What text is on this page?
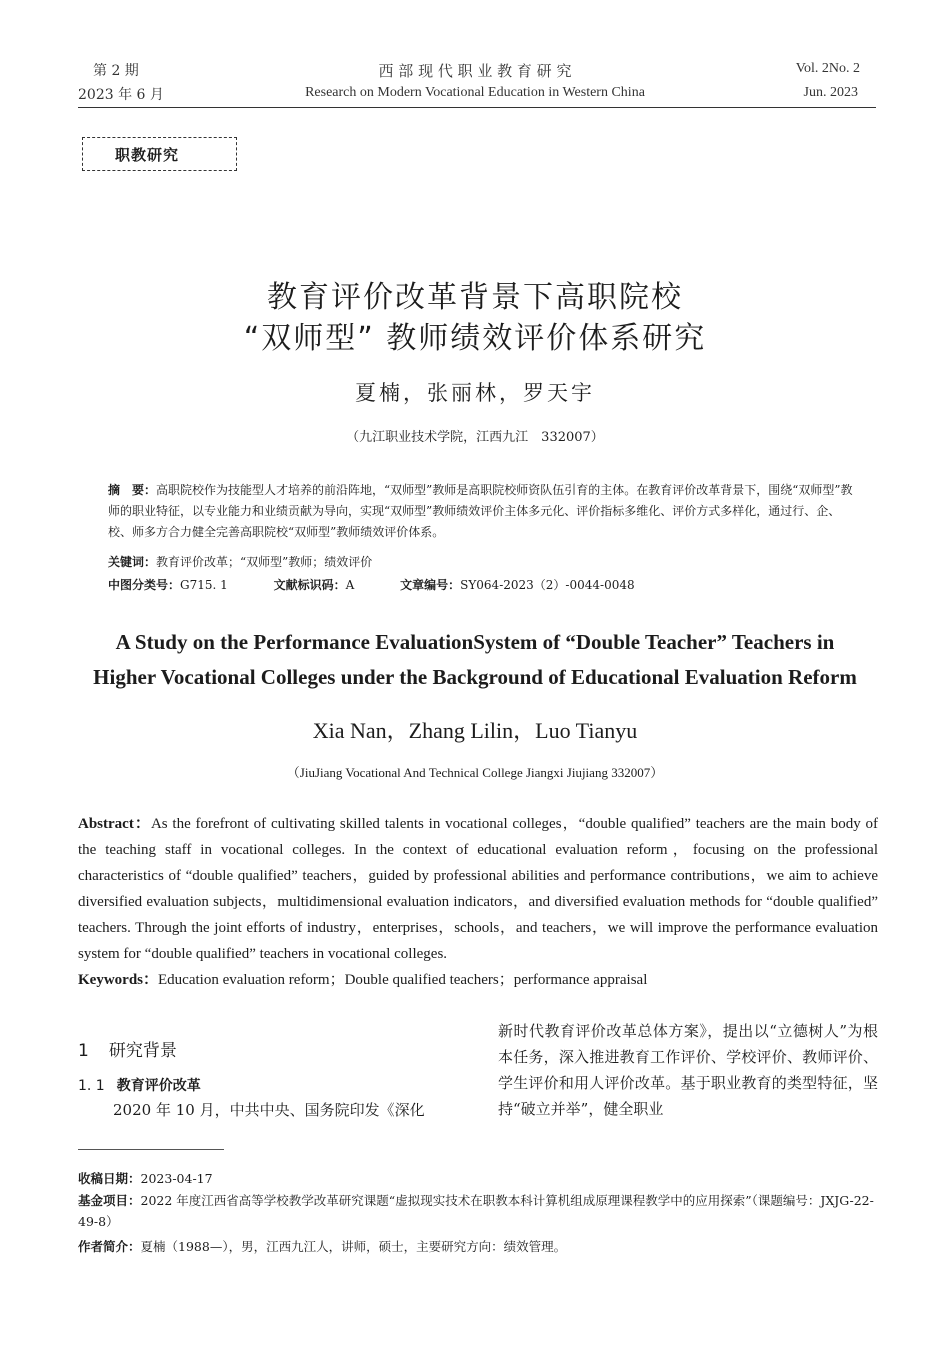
第 2 期
2023 年 6 月
西 部 现 代 职 业 教 育 研 究
Research on Modern Vocational Education in Western China
Vol. 2No. 2
Jun. 2023
职教研究
教育评价改革背景下高职院校
“双师型” 教师绩效评价体系研究
夏楠，张丽林，罗天宇
（九江职业技术学院，江西九江　332007）
摘　要：高职院校作为技能型人才培养的前沿阵地，“双师型”教师是高职院校师资队伍引育的主体。在教育评价改革背景下，围绕“双师型”教师的职业特征，以专业能力和业绩贡献为导向，实现“双师型”教师绩效评价主体多元化、评价指标多维化、评价方式多样化，通过行、企、校、师多方合力健全完善高职院校“双师型”教师绩效评价体系。
关键词：教育评价改革；“双师型”教师；绩效评价
中图分类号：G715. 1	文献标识码：A	文章编号：SY064-2023（2）-0044-0048
A Study on the Performance EvaluationSystem of “Double Teacher” Teachers in
Higher Vocational Colleges under the Background of Educational Evaluation Reform
Xia Nan，Zhang Lilin，Luo Tianyu
（JiuJiang Vocational And Technical College Jiangxi Jiujiang 332007）
Abstract：As the forefront of cultivating skilled talents in vocational colleges，“double qualified” teachers are the main body of the teaching staff in vocational colleges. In the context of educational evaluation reform，focusing on the professional characteristics of “double qualified” teachers，guided by professional abilities and performance contributions，we aim to achieve diversified evaluation subjects，multidimensional evaluation indicators，and diversified evaluation methods for “double qualified” teachers. Through the joint efforts of industry，enterprises，schools，and teachers，we will improve the performance evaluation system for “double qualified” teachers in vocational colleges.
Keywords：Education evaluation reform；Double qualified teachers；performance appraisal
1 研究背景
1. 1 教育评价改革
2020 年 10 月，中共中央、国务院印发《深化
新时代教育评价改革总体方案》，提出以“立德树人”为根本任务，深入推进教育工作评价、学校评价、教师评价、学生评价和用人评价改革。基于职业教育的类型特征，坚持“破立并举”，健全职业
收稿日期：2023-04-17
基金项目：2022 年度江西省高等学校教学改革研究课题“虚拟现实技术在职教本科计算机组成原理课程教学中的应用探索”（课题编号：JXJG-22-49-8）
作者简介：夏楠（1988—），男，江西九江人，讲师，硕士，主要研究方向：绩效管理。
